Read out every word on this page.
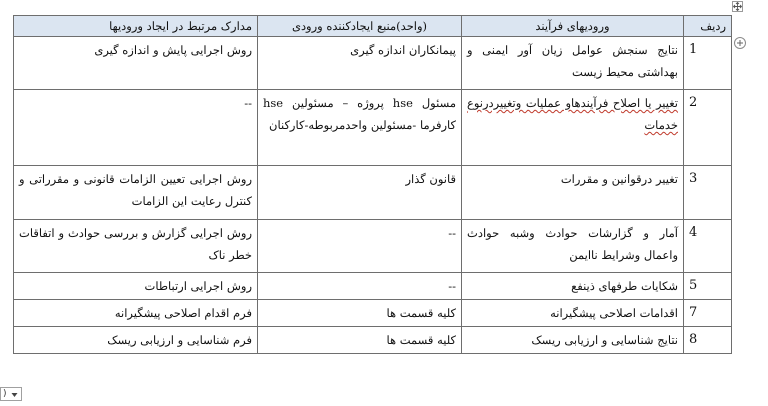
ردیف	ورودیهای فرآیند	(واحد)منبع ایجادکننده ورودی	مدارک مرتبط در ایجاد ورودیها
1	نتایج سنجش عوامل زیان آور ایمنی و بهداشتی محیط زیست	پیمانکاران اندازه گیری	روش اجرایی پایش و اندازه گیری
2	تغییر یا اصلاح فرآیندهاو عملیات وتغییردرنوع خدمات	مسئول hse پروژه – مسئولین hse کارفرما -مسئولین واحدمربوطه-کارکنان	--
3	تغییر درقوانین و مقررات	قانون گذار	روش اجرایی تعیین الزامات قانونی و مقرراتی و کنترل رعایت این الزامات
4	آمار و گزارشات حوادث وشبه حوادث واعمال وشرایط ناایمن	--	روش اجرایی گزارش و بررسی حوادث و اتفاقات خطر ناک
5	شکایات طرفهای ذینفع	--	روش اجرایی ارتباطات
7	اقدامات اصلاحی پیشگیرانه	کلیه قسمت ها	فرم اقدام اصلاحی پیشگیرانه
8	نتایج شناسایی و ارزیابی ریسک	کلیه قسمت ها	فرم شناسایی و ارزیابی ریسک
)
